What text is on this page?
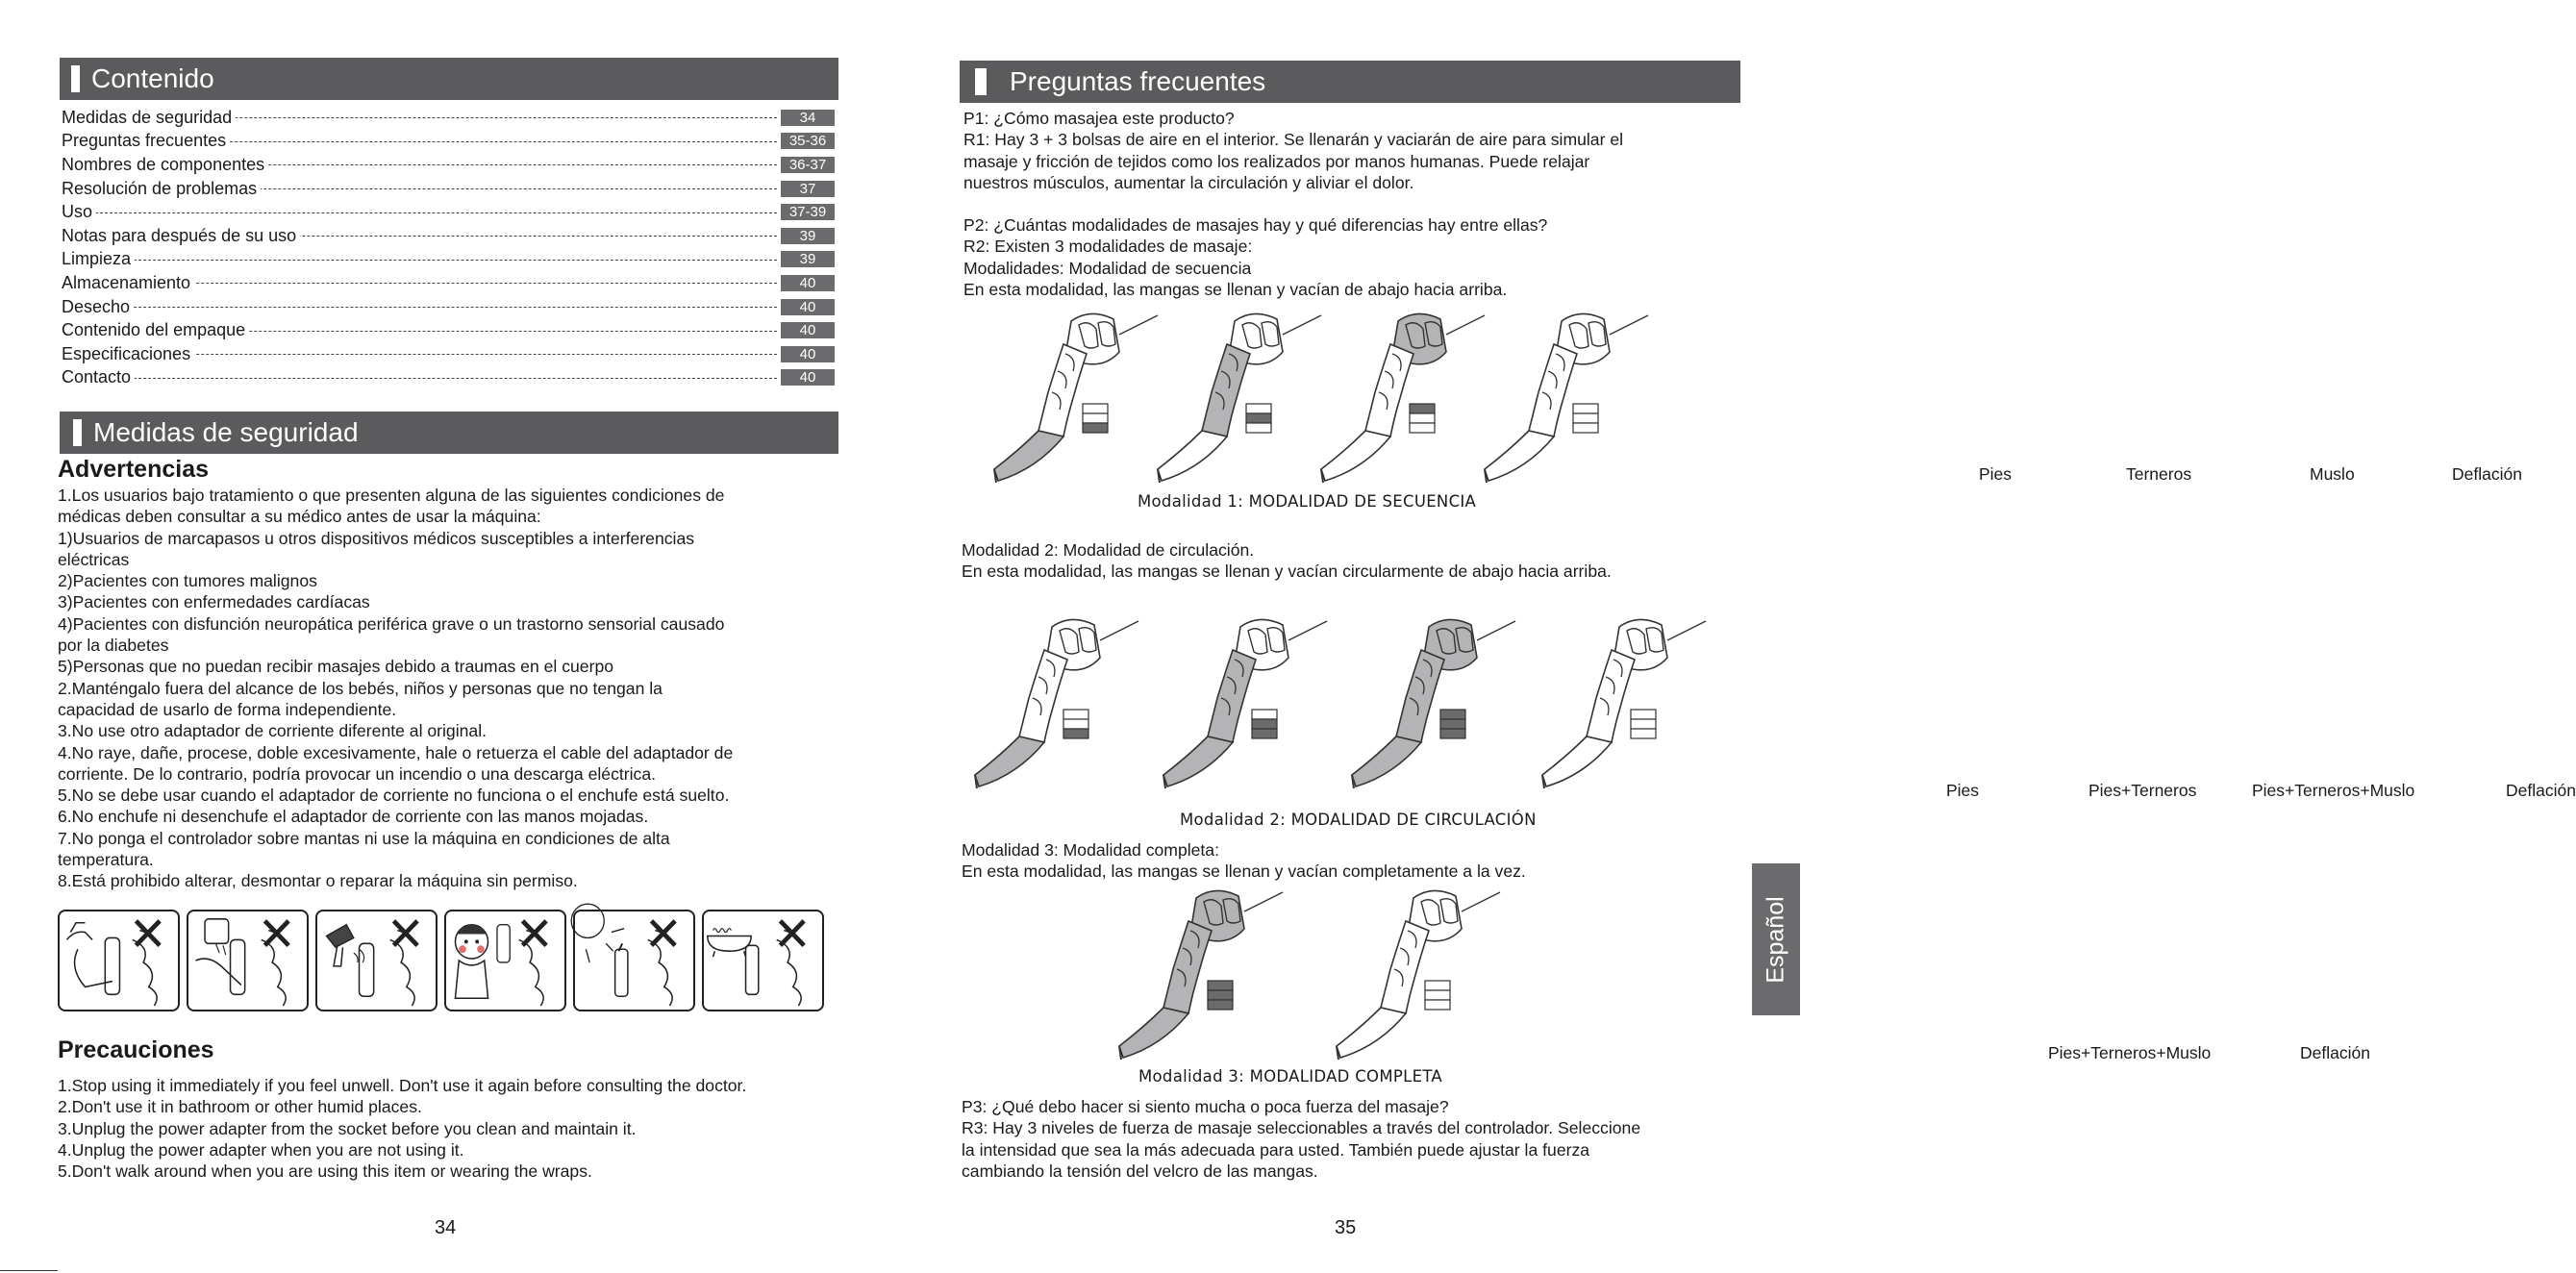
Contenido
Medidas de seguridad	34
Preguntas frecuentes	35-36
Nombres de componentes	36-37
Resolución de problemas	37
Uso	37-39
Notas para después de su uso	39
Limpieza	39
Almacenamiento	40
Desecho	40
Contenido del empaque	40
Especificaciones	40
Contacto	40
Medidas de seguridad
Advertencias

1.Los usuarios bajo tratamiento o que presenten alguna de las siguientes condiciones de

médicas deben consultar a su médico antes de usar la máquina:

1)Usuarios de marcapasos u otros dispositivos médicos susceptibles a interferencias

eléctricas

2)Pacientes con tumores malignos

3)Pacientes con enfermedades cardíacas

4)Pacientes con disfunción neuropática periférica grave o un trastorno sensorial causado

por la diabetes

5)Personas que no puedan recibir masajes debido a traumas en el cuerpo

2.Manténgalo fuera del alcance de los bebés, niños y personas que no tengan la

capacidad de usarlo de forma independiente.

3.No use otro adaptador de corriente diferente al original.

4.No raye, dañe, procese, doble excesivamente, hale o retuerza el cable del adaptador de

corriente. De lo contrario, podría provocar un incendio o una descarga eléctrica.

5.No se debe usar cuando el adaptador de corriente no funciona o el enchufe está suelto.

6.No enchufe ni desenchufe el adaptador de corriente con las manos mojadas.

7.No ponga el controlador sobre mantas ni use la máquina en condiciones de alta

temperatura.

8.Está prohibido alterar, desmontar o reparar la máquina sin permiso.

Precauciones

1.Stop using it immediately if you feel unwell. Don't use it again before consulting the doctor.

2.Don't use it in bathroom or other humid places.

3.Unplug the power adapter from the socket before you clean and maintain it.

4.Unplug the power adapter when you are not using it.

5.Don't walk around when you are using this item or wearing the wraps.

34
Preguntas frecuentes

P1: ¿Cómo masajea este producto?

R1: Hay 3 + 3 bolsas de aire en el interior. Se llenarán y vaciarán de aire para simular el

masaje y fricción de tejidos como los realizados por manos humanas. Puede relajar

nuestros músculos, aumentar la circulación y aliviar el dolor.

P2: ¿Cuántas modalidades de masajes hay y qué diferencias hay entre ellas?

R2: Existen 3 modalidades de masaje:

Modalidades: Modalidad de secuencia

En esta modalidad, las mangas se llenan y vacían de abajo hacia arriba.

Pies	Terneros	Muslo	Deflación
Modalidad 1: MODALIDAD DE SECUENCIA

Modalidad 2: Modalidad de circulación.

En esta modalidad, las mangas se llenan y vacían circularmente de abajo hacia arriba.

Pies	Pies+Terneros	Pies+Terneros+Muslo	Deflación
Modalidad 2: MODALIDAD DE CIRCULACIÓN

Modalidad 3: Modalidad completa:

En esta modalidad, las mangas se llenan y vacían completamente a la vez.

Pies+Terneros+Muslo	Deflación
Modalidad 3: MODALIDAD COMPLETA

P3: ¿Qué debo hacer si siento mucha o poca fuerza del masaje?

R3: Hay 3 niveles de fuerza de masaje seleccionables a través del controlador. Seleccione

la intensidad que sea la más adecuada para usted. También puede ajustar la fuerza

cambiando la tensión del velcro de las mangas.

35
Español
